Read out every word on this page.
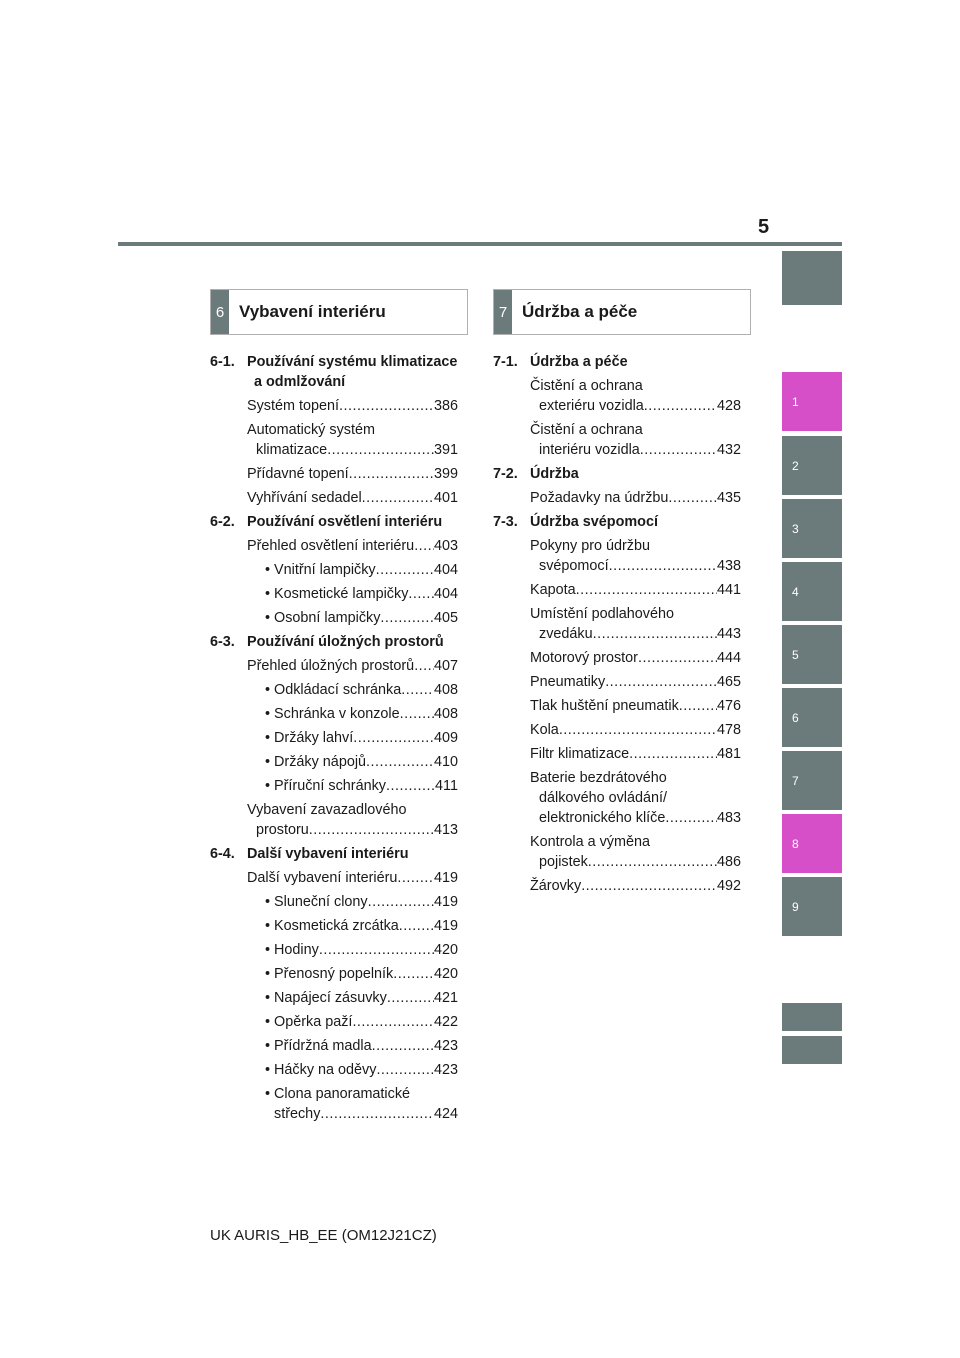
5
1
2
3
4
5
6
7
8
9
6 Vybavení interiéru	7 Údržba a péče
6-1. Používání systému klimatizace
a odmlžování
Systém topení .....	386
Automatický systém
klimatizace .....	391
Přídavné topení .....	399
Vyhřívání sedadel .....	401
6-2. Používání osvětlení interiéru
Přehled osvětlení interiéru ..... 403
• Vnitřní lampičky .....	404
• Kosmetické lampičky ..... 404
• Osobní lampičky .....	405
6-3. Používání úložných prostorů
Přehled úložných prostorů ..... 407
• Odkládací schránka ..... 408
• Schránka v konzole ..... 408
• Držáky lahví .....	409
• Držáky nápojů .....	410
• Příruční schránky .....	411
Vybavení zavazadlového
prostoru .....	413
6-4. Další vybavení interiéru
Další vybavení interiéru .....	419
• Sluneční clony .....	419
• Kosmetická zrcátka ..... 419
• Hodiny .....	420
• Přenosný popelník .....	420
• Napájecí zásuvky .....	421
• Opěrka paží .....	422
• Přídržná madla .....	423
• Háčky na oděvy .....	423
• Clona panoramatické
střechy .....	424
7-1. Údržba a péče
Čistění a ochrana
exteriéru vozidla .....	428
Čistění a ochrana
interiéru vozidla .....	432
7-2. Údržba
Požadavky na údržbu .....	435
7-3. Údržba svépomocí
Pokyny pro údržbu
svépomocí .....	438
Kapota .....	441
Umístění podlahového
zvedáku .....	443
Motorový prostor .....	444
Pneumatiky .....	465
Tlak huštění pneumatik .....	476
Kola .....	478
Filtr klimatizace .....	481
Baterie bezdrátového
dálkového ovládání/
elektronického klíče .....	483
Kontrola a výměna
pojistek .....	486
Žárovky .....	492
UK AURIS_HB_EE (OM12J21CZ)
